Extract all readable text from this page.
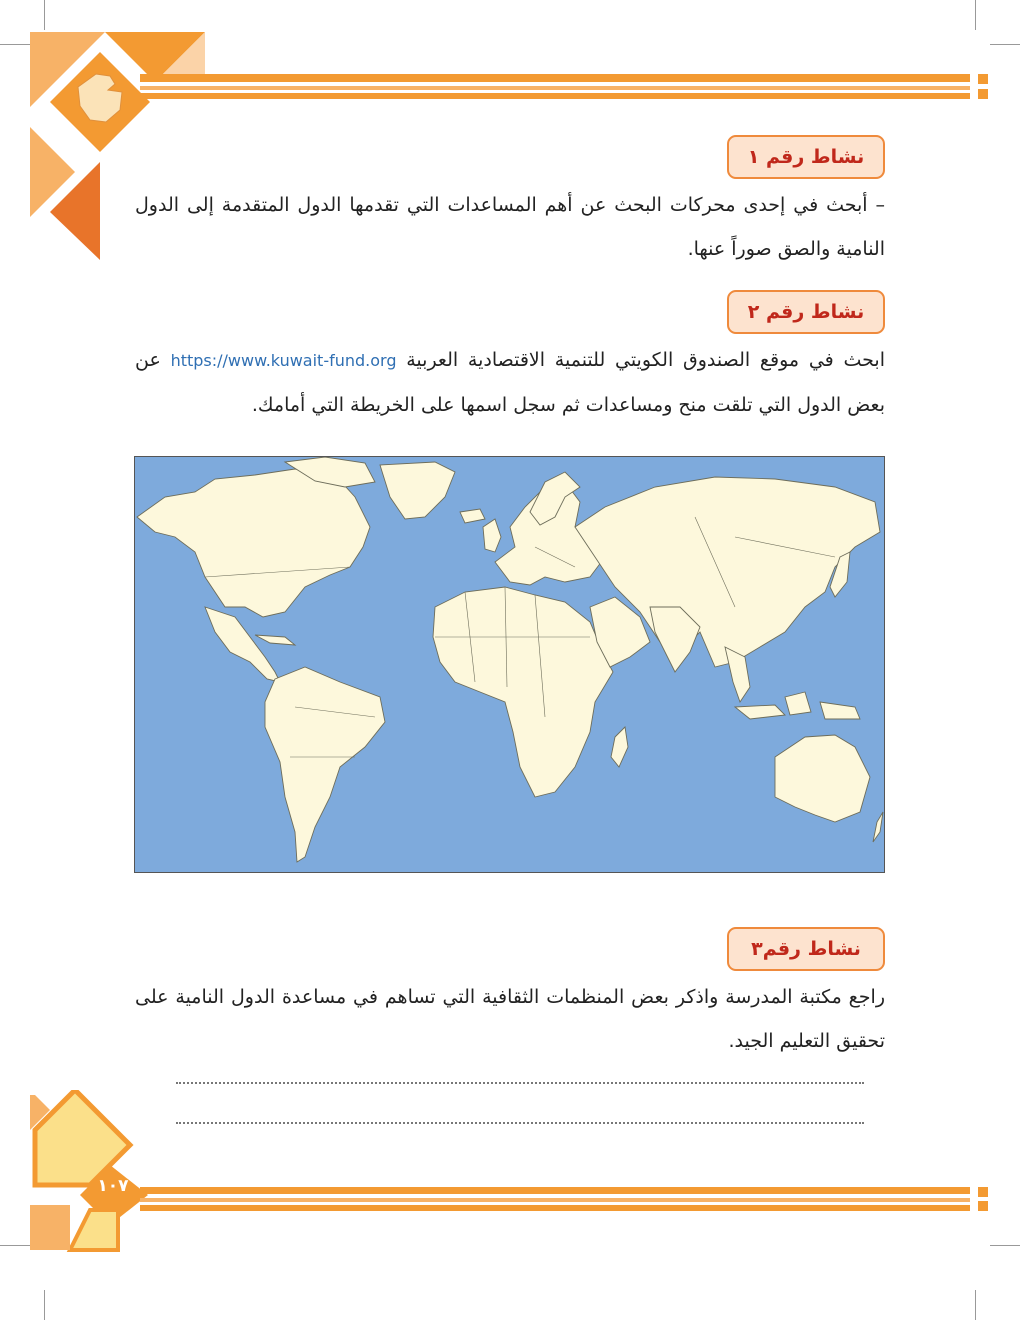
نشاط رقم ١
– أبحث في إحدى محركات البحث عن أهم المساعدات التي تقدمها الدول المتقدمة إلى الدول النامية والصق صوراً عنها.
نشاط رقم ٢
ابحث في موقع الصندوق الكويتي للتنمية الاقتصادية العربية https://www.kuwait-fund.org عن بعض الدول التي تلقت منح ومساعدات ثم سجل اسمها على الخريطة التي أمامك.
نشاط رقم٣
راجع مكتبة المدرسة واذكر بعض المنظمات الثقافية التي تساهم في مساعدة الدول النامية على تحقيق التعليم الجيد.
١٠٧
